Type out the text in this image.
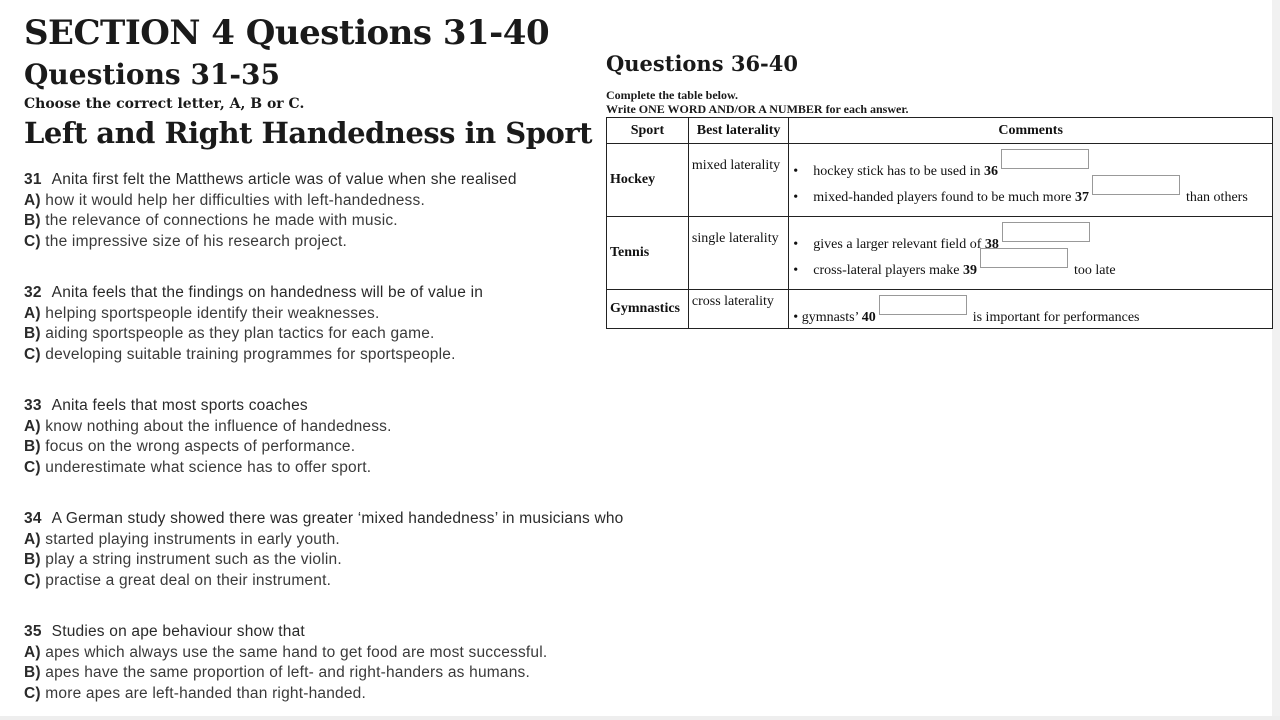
SECTION 4 Questions 31-40
Questions 31-35
Choose the correct letter, A, B or C.
Left and Right Handedness in Sport
31 Anita first felt the Matthews article was of value when she realised
A) how it would help her difficulties with left-handedness.
B) the relevance of connections he made with music.
C) the impressive size of his research project.
32 Anita feels that the findings on handedness will be of value in
A) helping sportspeople identify their weaknesses.
B) aiding sportspeople as they plan tactics for each game.
C) developing suitable training programmes for sportspeople.
33 Anita feels that most sports coaches
A) know nothing about the influence of handedness.
B) focus on the wrong aspects of performance.
C) underestimate what science has to offer sport.
34 A German study showed there was greater ‘mixed handedness’ in musicians who
A) started playing instruments in early youth.
B) play a string instrument such as the violin.
C) practise a great deal on their instrument.
35 Studies on ape behaviour show that
A) apes which always use the same hand to get food are most successful.
B) apes have the same proportion of left- and right-handers as humans.
C) more apes are left-handed than right-handed.
Questions 36-40
Complete the table below.
Write ONE WORD AND/OR A NUMBER for each answer.
Sport	Best laterality	Comments
Hockey	mixed laterality	• hockey stick has to be used in 36
• mixed-handed players found to be much more 37 than others

Tennis	single laterality	• gives a larger relevant field of 38
• cross-lateral players make 39 too late

Gymnastics	cross laterality	• gymnasts’ 40 is important for performances
